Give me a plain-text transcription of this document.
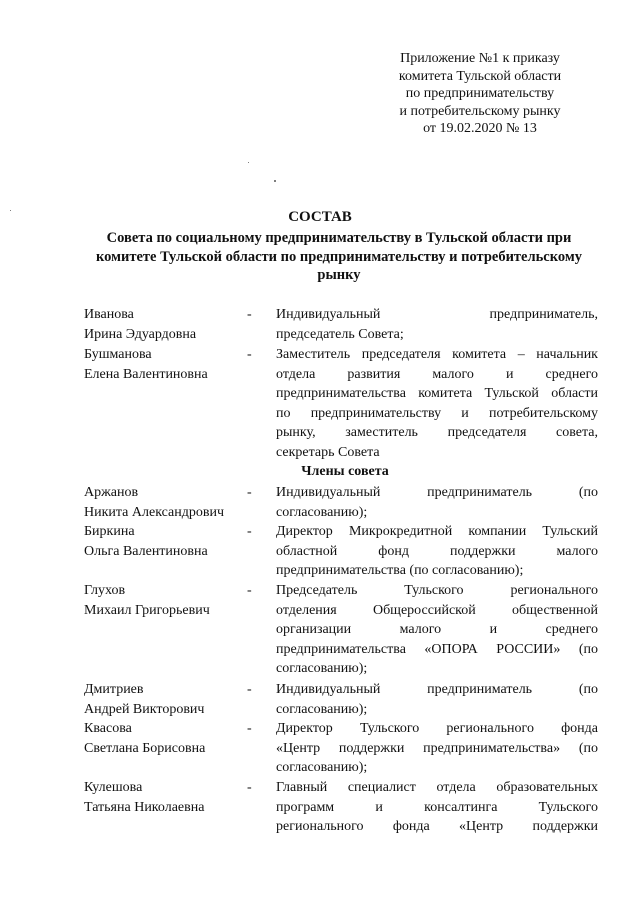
Приложение №1 к приказу
комитета Тульской области
по предпринимательству
и потребительскому рынку
от 19.02.2020 № 13
СОСТАВ
Совета по социальному предпринимательству в Тульской области при
комитете Тульской области по предпринимательству и потребительскому
рынку
Иванова
Ирина Эдуардовна
- Индивидуальный предприниматель,
председатель Совета;
Бушманова
Елена Валентиновна
- Заместитель председателя комитета – начальник
отдела развития малого и среднего
предпринимательства комитета Тульской области
по предпринимательству и потребительскому
рынку, заместитель председателя совета,
секретарь Совета
Члены совета
Аржанов
Никита Александрович
- Индивидуальный предприниматель (по
согласованию);
Биркина
Ольга Валентиновна
- Директор Микрокредитной компании Тульский
областной фонд поддержки малого
предпринимательства (по согласованию);
Глухов
Михаил Григорьевич
- Председатель Тульского регионального
отделения Общероссийской общественной
организации малого и среднего
предпринимательства «ОПОРА РОССИИ» (по
согласованию);
Дмитриев
Андрей Викторович
- Индивидуальный предприниматель (по
согласованию);
Квасова
Светлана Борисовна
- Директор Тульского регионального фонда
«Центр поддержки предпринимательства» (по
согласованию);
Кулешова
Татьяна Николаевна
- Главный специалист отдела образовательных
программ и консалтинга Тульского
регионального фонда «Центр поддержки
